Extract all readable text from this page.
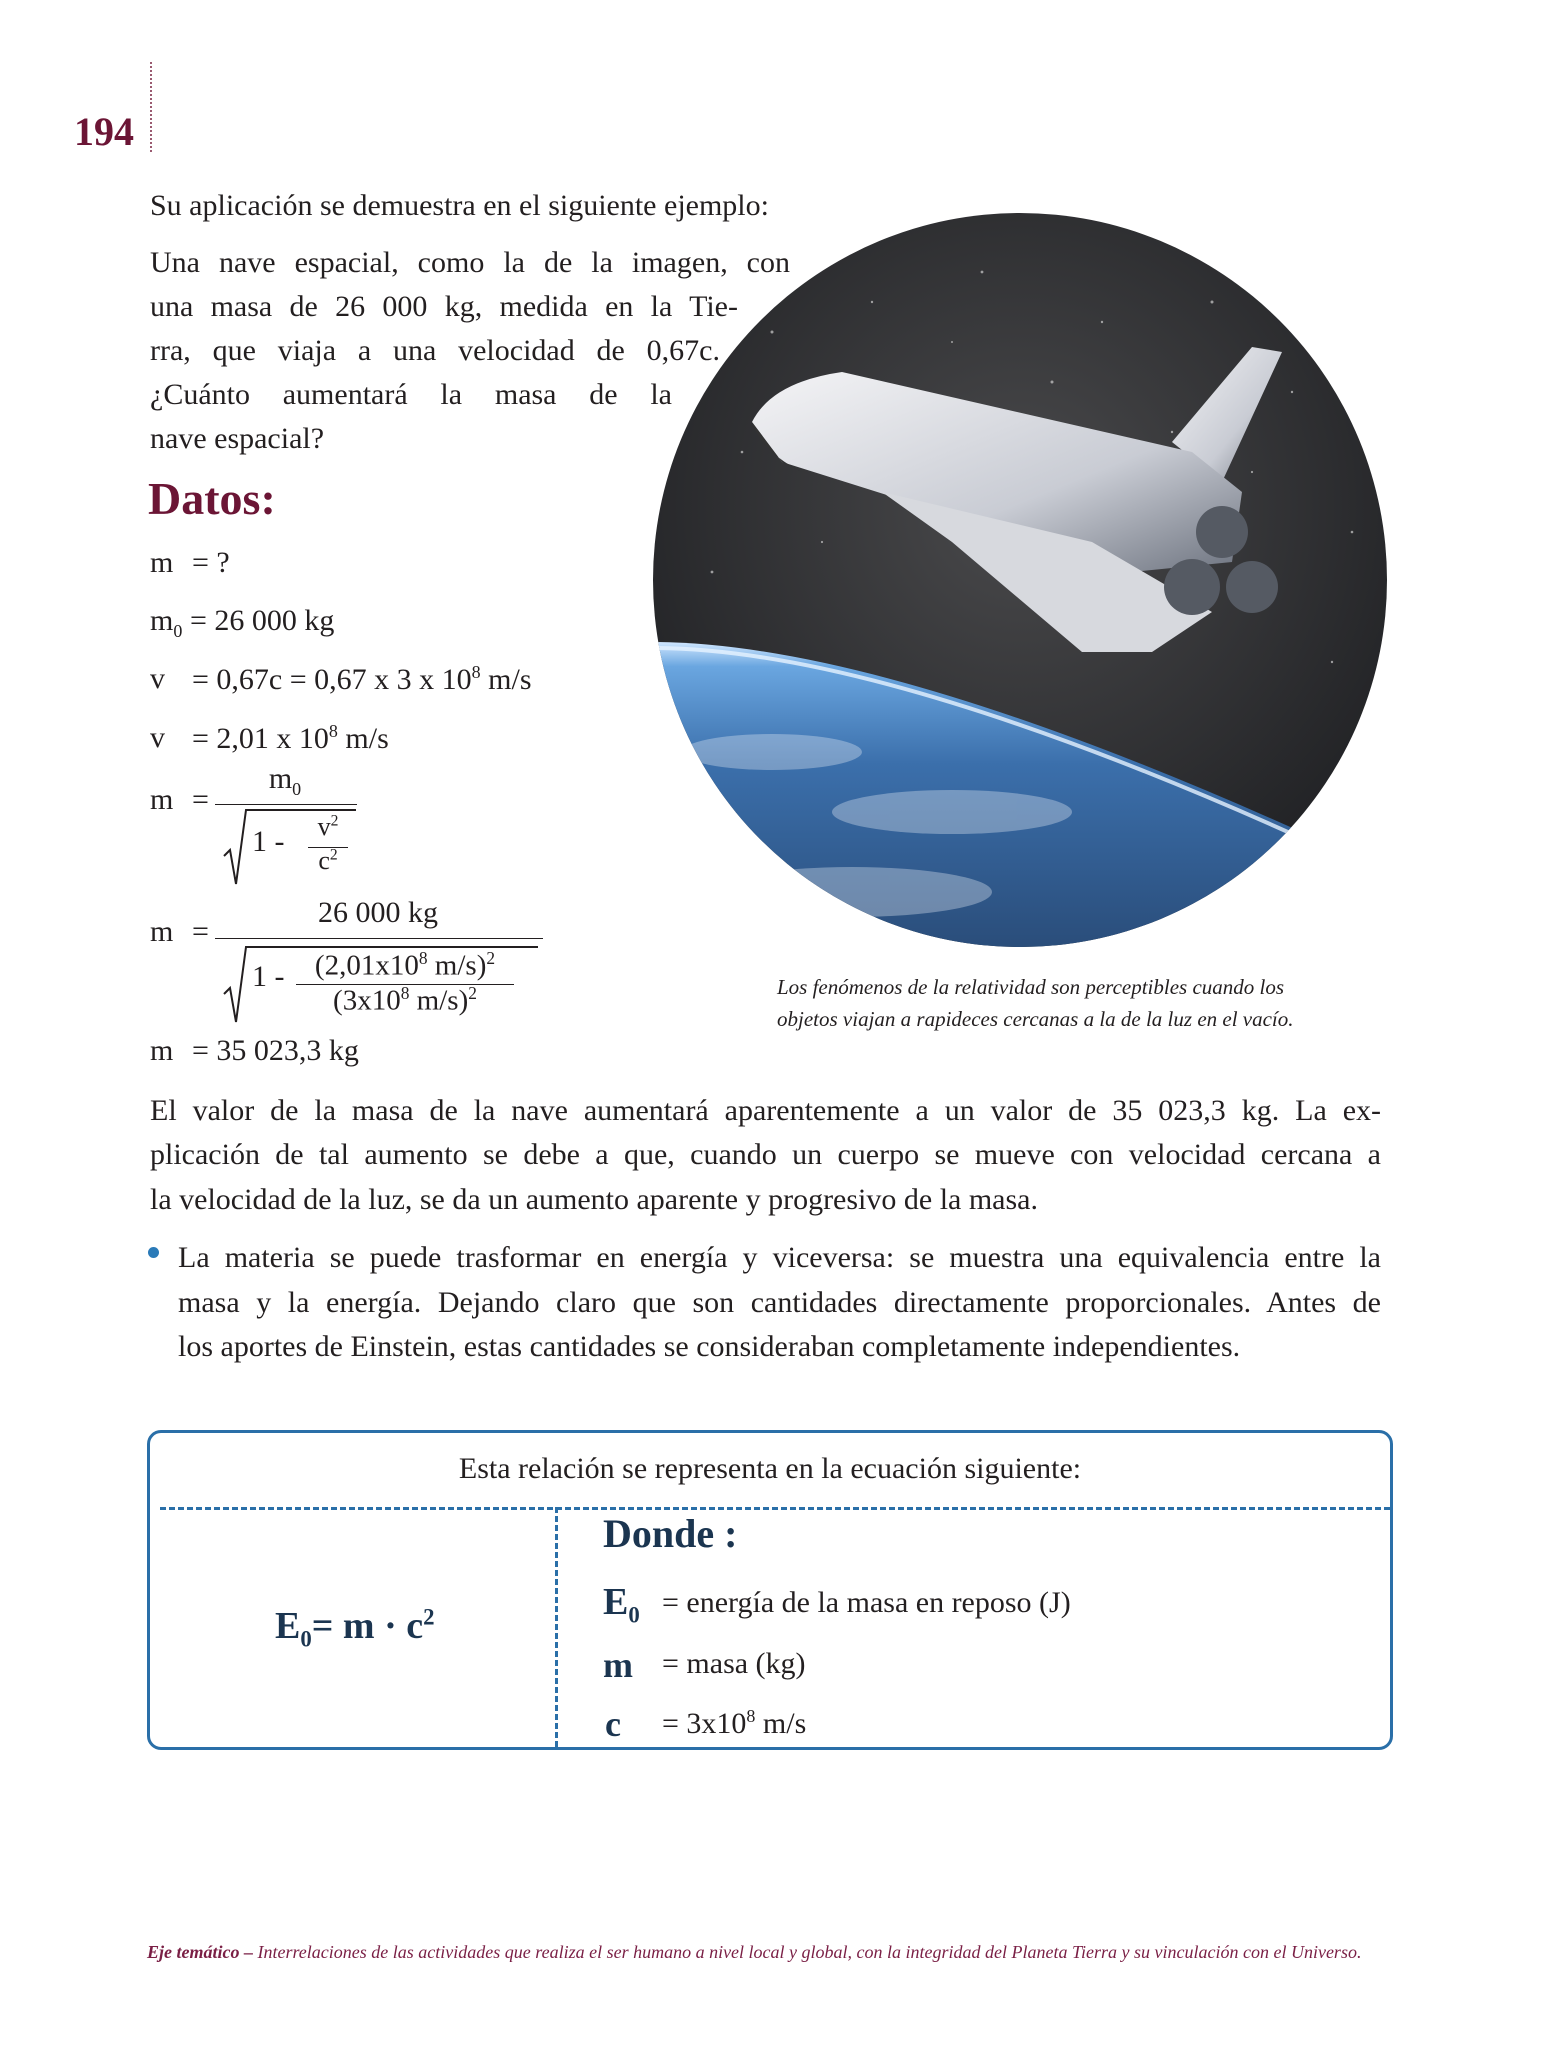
194
Su aplicación se demuestra en el siguiente ejemplo:
Una nave espacial, como la de la imagen, con
una masa de 26 000 kg, medida en la Tie-
rra, que viaja a una velocidad de 0,67c.
¿Cuánto aumentará la masa de la
nave espacial?
Datos:
m = ?
$m_0 = 26$ 000 kg
v = 0,67c = 0,67 x 3 x $10^8$ m/s
v = 2,01 x $10^8$ m/s
m =
$m_0$
1 -	$v^2$
$c^2$
m =
26 000 kg
1 -	($2,01x10^8$ m/s)$^2$
($3x10^8$ m/s)$^2$
m = 35 023,3 kg
El valor de la masa de la nave aumentará aparentemente a un valor de 35 023,3 kg. La ex-
plicación de tal aumento se debe a que, cuando un cuerpo se mueve con velocidad cercana a
la velocidad de la luz, se da un aumento aparente y progresivo de la masa.
La materia se puede trasformar en energía y viceversa: se muestra una equivalencia entre la
masa y la energía. Dejando claro que son cantidades directamente proporcionales. Antes de
los aportes de Einstein, estas cantidades se consideraban completamente independientes.
Los fenómenos de la relatividad son perceptibles cuando los
objetos viajan a rapideces cercanas a la de la luz en el vacío.
Esta relación se representa en la ecuación siguiente:
$E_0= m \cdot c^2$
Donde :
$E_0$ = energía de la masa en reposo (J)
m = masa (kg)
$c = 3x10^8$ m/s
Eje temático – Interrelaciones de las actividades que realiza el ser humano a nivel local y global, con la integridad del Planeta Tierra y su vinculación con el Universo.
